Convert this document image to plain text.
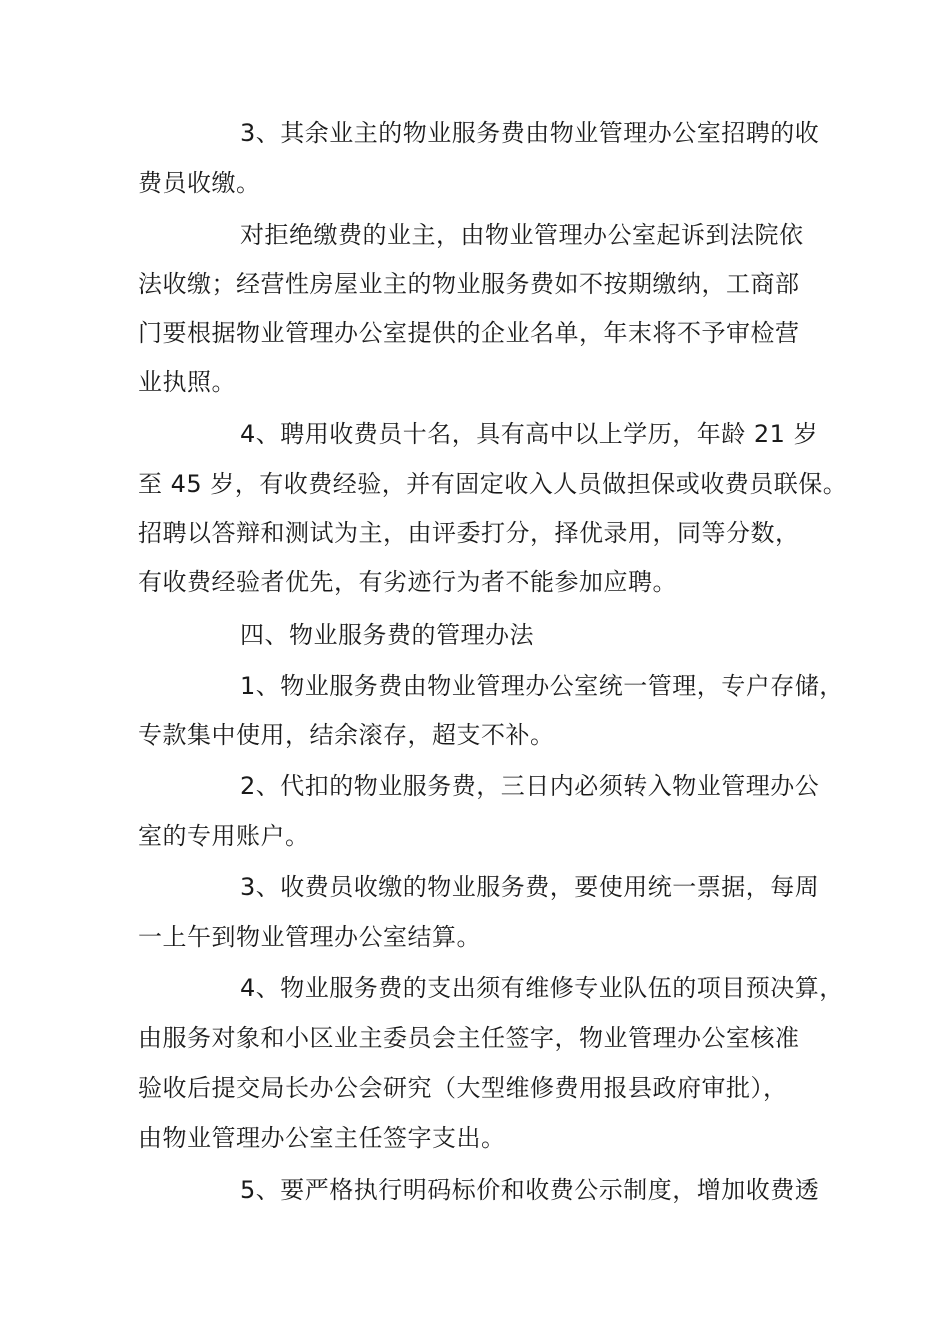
3、其余业主的物业服务费由物业管理办公室招聘的收
费员收缴。
对拒绝缴费的业主，由物业管理办公室起诉到法院依
法收缴；经营性房屋业主的物业服务费如不按期缴纳，工商部
门要根据物业管理办公室提供的企业名单，年末将不予审检营
业执照。
4、聘用收费员十名，具有高中以上学历，年龄 21 岁
至 45 岁，有收费经验，并有固定收入人员做担保或收费员联保。
招聘以答辩和测试为主，由评委打分，择优录用，同等分数，
有收费经验者优先，有劣迹行为者不能参加应聘。
四、物业服务费的管理办法
1、物业服务费由物业管理办公室统一管理，专户存储，
专款集中使用，结余滚存，超支不补。
2、代扣的物业服务费，三日内必须转入物业管理办公
室的专用账户。
3、收费员收缴的物业服务费，要使用统一票据，每周
一上午到物业管理办公室结算。
4、物业服务费的支出须有维修专业队伍的项目预决算，
由服务对象和小区业主委员会主任签字，物业管理办公室核准
验收后提交局长办公会研究（大型维修费用报县政府审批），
由物业管理办公室主任签字支出。
5、要严格执行明码标价和收费公示制度，增加收费透
